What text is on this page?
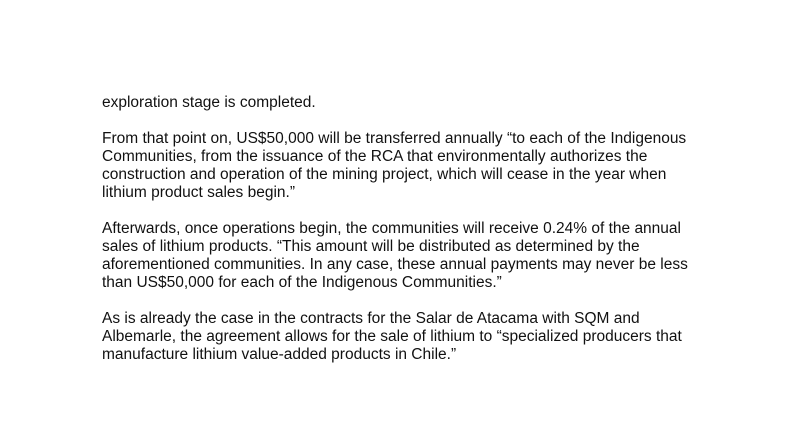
exploration stage is completed.

From that point on, US$50,000 will be transferred annually “to each of the Indigenous
Communities, from the issuance of the RCA that environmentally authorizes the
construction and operation of the mining project, which will cease in the year when
lithium product sales begin.”

Afterwards, once operations begin, the communities will receive 0.24% of the annual
sales of lithium products. “This amount will be distributed as determined by the
aforementioned communities. In any case, these annual payments may never be less
than US$50,000 for each of the Indigenous Communities.”

As is already the case in the contracts for the Salar de Atacama with SQM and
Albemarle, the agreement allows for the sale of lithium to “specialized producers that
manufacture lithium value-added products in Chile.”
